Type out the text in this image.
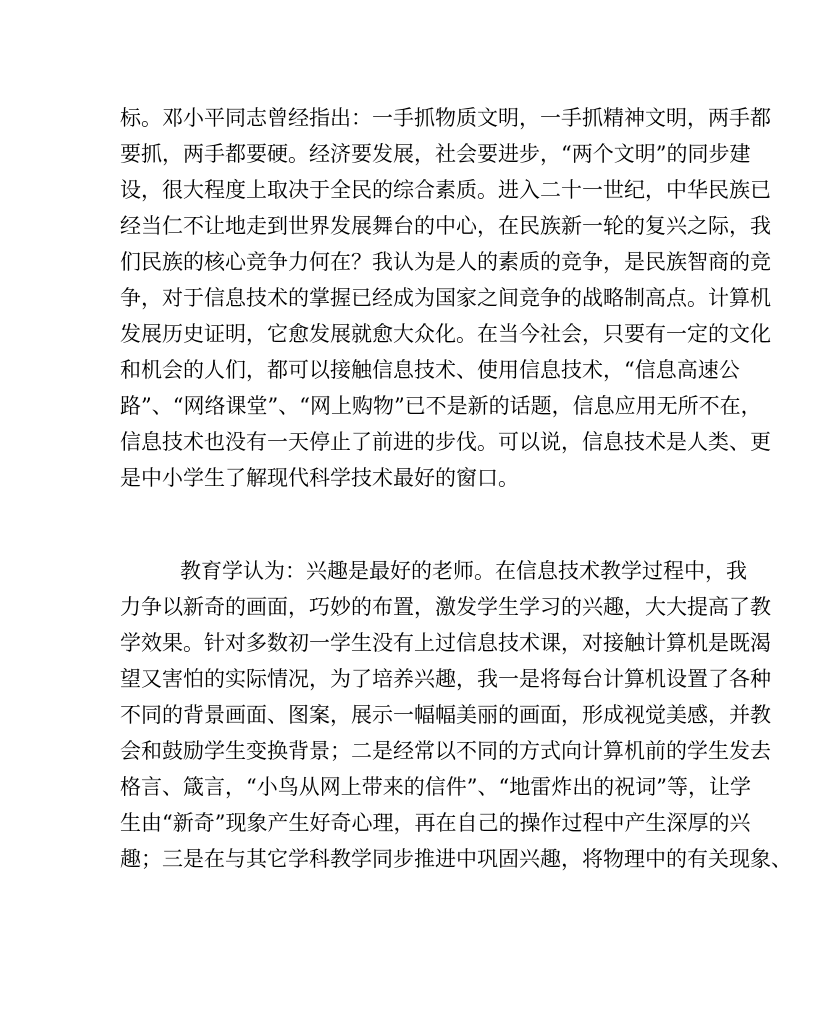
标。邓小平同志曾经指出：一手抓物质文明，一手抓精神文明，两手都
要抓，两手都要硬。经济要发展，社会要进步，“两个文明”的同步建
设，很大程度上取决于全民的综合素质。进入二十一世纪，中华民族已
经当仁不让地走到世界发展舞台的中心，在民族新一轮的复兴之际，我
们民族的核心竞争力何在？我认为是人的素质的竞争，是民族智商的竞
争，对于信息技术的掌握已经成为国家之间竞争的战略制高点。计算机
发展历史证明，它愈发展就愈大众化。在当今社会，只要有一定的文化
和机会的人们，都可以接触信息技术、使用信息技术，“信息高速公
路”、“网络课堂”、“网上购物”已不是新的话题，信息应用无所不在，
信息技术也没有一天停止了前进的步伐。可以说，信息技术是人类、更
是中小学生了解现代科学技术最好的窗口。
教育学认为：兴趣是最好的老师。在信息技术教学过程中，我
力争以新奇的画面，巧妙的布置，激发学生学习的兴趣，大大提高了教
学效果。针对多数初一学生没有上过信息技术课，对接触计算机是既渴
望又害怕的实际情况，为了培养兴趣，我一是将每台计算机设置了各种
不同的背景画面、图案，展示一幅幅美丽的画面，形成视觉美感，并教
会和鼓励学生变换背景；二是经常以不同的方式向计算机前的学生发去
格言、箴言，“小鸟从网上带来的信件”、“地雷炸出的祝词”等，让学
生由“新奇”现象产生好奇心理，再在自己的操作过程中产生深厚的兴
趣；三是在与其它学科教学同步推进中巩固兴趣，将物理中的有关现象、
